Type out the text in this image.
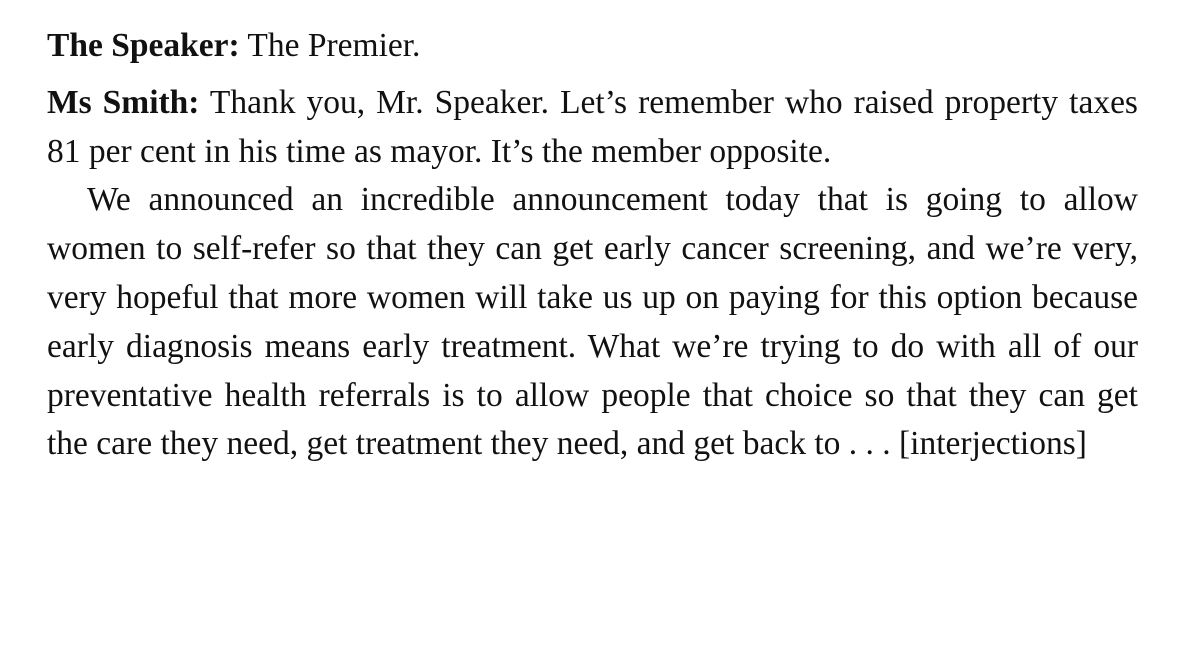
The Speaker: The Premier.

Ms Smith: Thank you, Mr. Speaker. Let’s remember who raised property taxes 81 per cent in his time as mayor. It’s the member opposite.

We announced an incredible announcement today that is going to allow women to self-refer so that they can get early cancer screening, and we’re very, very hopeful that more women will take us up on paying for this option because early diagnosis means early treatment. What we’re trying to do with all of our preventative health referrals is to allow people that choice so that they can get the care they need, get treatment they need, and get back to . . . [interjections]
